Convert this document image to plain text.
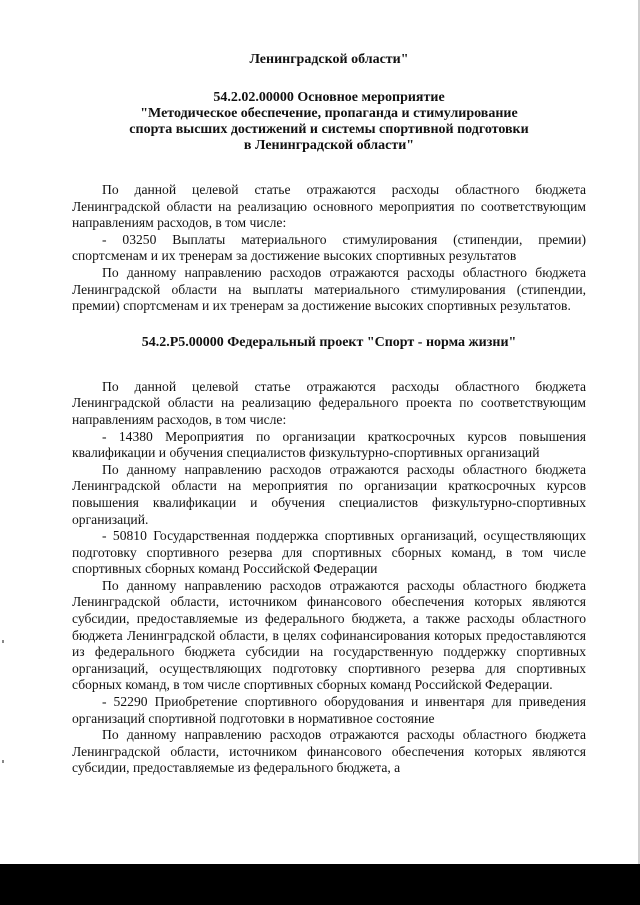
Ленинградской области"
54.2.02.00000 Основное мероприятие
"Методическое обеспечение, пропаганда и стимулирование
спорта высших достижений и системы спортивной подготовки
в Ленинградской области"

По данной целевой статье отражаются расходы областного бюджета Ленинградской области на реализацию основного мероприятия по соответствующим направлениям расходов, в том числе:

- 03250 Выплаты материального стимулирования (стипендии, премии) спортсменам и их тренерам за достижение высоких спортивных результатов

По данному направлению расходов отражаются расходы областного бюджета Ленинградской области на выплаты материального стимулирования (стипендии, премии) спортсменам и их тренерам за достижение высоких спортивных результатов.

54.2.P5.00000 Федеральный проект "Спорт - норма жизни"

По данной целевой статье отражаются расходы областного бюджета Ленинградской области на реализацию федерального проекта по соответствующим направлениям расходов, в том числе:

- 14380 Мероприятия по организации краткосрочных курсов повышения квалификации и обучения специалистов физкультурно-спортивных организаций

По данному направлению расходов отражаются расходы областного бюджета Ленинградской области на мероприятия по организации краткосрочных курсов повышения квалификации и обучения специалистов физкультурно-спортивных организаций.

- 50810 Государственная поддержка спортивных организаций, осуществляющих подготовку спортивного резерва для спортивных сборных команд, в том числе спортивных сборных команд Российской Федерации

По данному направлению расходов отражаются расходы областного бюджета Ленинградской области, источником финансового обеспечения которых являются субсидии, предоставляемые из федерального бюджета, а также расходы областного бюджета Ленинградской области, в целях софинансирования которых предоставляются из федерального бюджета субсидии на государственную поддержку спортивных организаций, осуществляющих подготовку спортивного резерва для спортивных сборных команд, в том числе спортивных сборных команд Российской Федерации.

- 52290 Приобретение спортивного оборудования и инвентаря для приведения организаций спортивной подготовки в нормативное состояние

По данному направлению расходов отражаются расходы областного бюджета Ленинградской области, источником финансового обеспечения которых являются субсидии, предоставляемые из федерального бюджета, а
